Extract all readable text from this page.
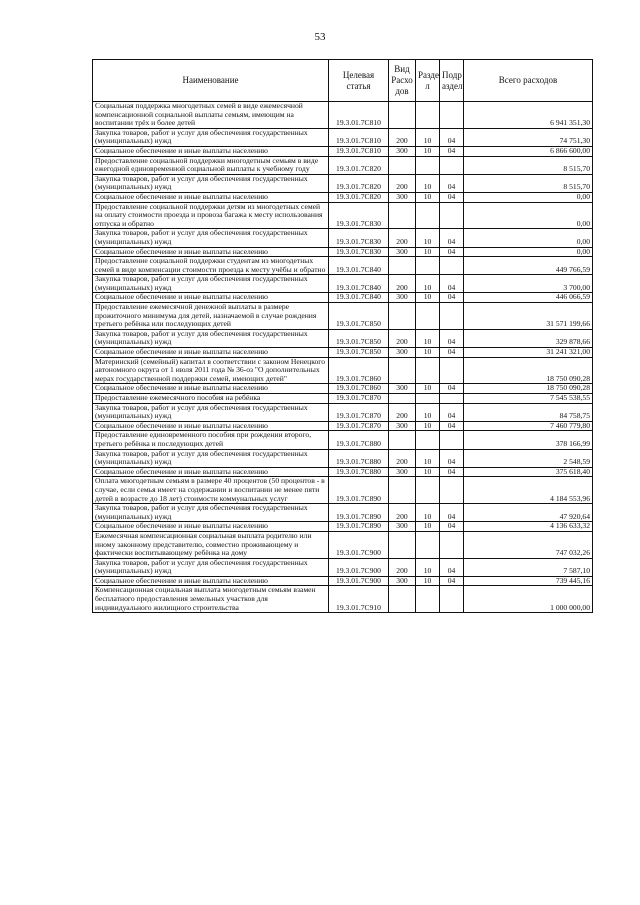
53
Наименование	Целевая статья	Вид Расхо дов	Разде л	Подр аздел	Всего расходов
Социальная поддержка многодетных семей в виде ежемесячной компенсационной социальной выплаты семьям, имеющим на воспитании трёх и более детей	19.3.01.7С810				6 941 351,30
Закупка товаров, работ и услуг для обеспечения государственных (муниципальных) нужд	19.3.01.7С810	200	10	04	74 751,30
Социальное обеспечение и иные выплаты населению	19.3.01.7С810	300	10	04	6 866 600,00
Предоставление социальной поддержки многодетным семьям в виде ежегодной единовременной социальной выплаты к учебному году	19.3.01.7С820				8 515,70
Закупка товаров, работ и услуг для обеспечения государственных (муниципальных) нужд	19.3.01.7С820	200	10	04	8 515,70
Социальное обеспечение и иные выплаты населению	19.3.01.7С820	300	10	04	0,00
Предоставление социальной поддержки детям из многодетных семей на оплату стоимости проезда и провоза багажа к месту использования отпуска и обратно	19.3.01.7С830				0,00
Закупка товаров, работ и услуг для обеспечения государственных (муниципальных) нужд	19.3.01.7С830	200	10	04	0,00
Социальное обеспечение и иные выплаты населению	19.3.01.7С830	300	10	04	0,00
Предоставление социальной поддержки студентам из многодетных семей в виде компенсации стоимости проезда к месту учёбы и обратно	19.3.01.7С840				449 766,59
Закупка товаров, работ и услуг для обеспечения государственных (муниципальных) нужд	19.3.01.7С840	200	10	04	3 700,00
Социальное обеспечение и иные выплаты населению	19.3.01.7С840	300	10	04	446 066,59
Предоставление ежемесячной денежной выплаты в размере прожиточного минимума для детей, назначаемой в случае рождения третьего ребёнка или последующих детей	19.3.01.7С850				31 571 199,66
Закупка товаров, работ и услуг для обеспечения государственных (муниципальных) нужд	19.3.01.7С850	200	10	04	329 878,66
Социальное обеспечение и иные выплаты населению	19.3.01.7С850	300	10	04	31 241 321,00
Материнский (семейный) капитал в соответствии с законом Ненецкого автономного округа от 1 июля 2011 года № 36-оз "О дополнительных мерах государственной поддержки семей, имеющих детей"	19.3.01.7С860				18 750 090,28
Социальное обеспечение и иные выплаты населению	19.3.01.7С860	300	10	04	18 750 090,28
Предоставление ежемесячного пособия на ребёнка	19.3.01.7С870				7 545 538,55
Закупка товаров, работ и услуг для обеспечения государственных (муниципальных) нужд	19.3.01.7С870	200	10	04	84 758,75
Социальное обеспечение и иные выплаты населению	19.3.01.7С870	300	10	04	7 460 779,80
Предоставление единовременного пособия при рождении второго, третьего ребёнка и последующих детей	19.3.01.7С880				378 166,99
Закупка товаров, работ и услуг для обеспечения государственных (муниципальных) нужд	19.3.01.7С880	200	10	04	2 548,59
Социальное обеспечение и иные выплаты населению	19.3.01.7С880	300	10	04	375 618,40
Оплата многодетным семьям в размере 40 процентов (50 процентов - в случае, если семья имеет на содержании и воспитании не менее пяти детей в возрасте до 18 лет) стоимости коммунальных услуг	19.3.01.7С890				4 184 553,96
Закупка товаров, работ и услуг для обеспечения государственных (муниципальных) нужд	19.3.01.7С890	200	10	04	47 920,64
Социальное обеспечение и иные выплаты населению	19.3.01.7С890	300	10	04	4 136 633,32
Ежемесячная компенсационная социальная выплата родителю или иному законному представителю, совместно проживающему и фактически воспитывающему ребёнка на дому	19.3.01.7С900				747 032,26
Закупка товаров, работ и услуг для обеспечения государственных (муниципальных) нужд	19.3.01.7С900	200	10	04	7 587,10
Социальное обеспечение и иные выплаты населению	19.3.01.7С900	300	10	04	739 445,16
Компенсационная социальная выплата многодетным семьям взамен бесплатного предоставления земельных участков для индивидуального жилищного строительства	19.3.01.7С910				1 000 000,00
